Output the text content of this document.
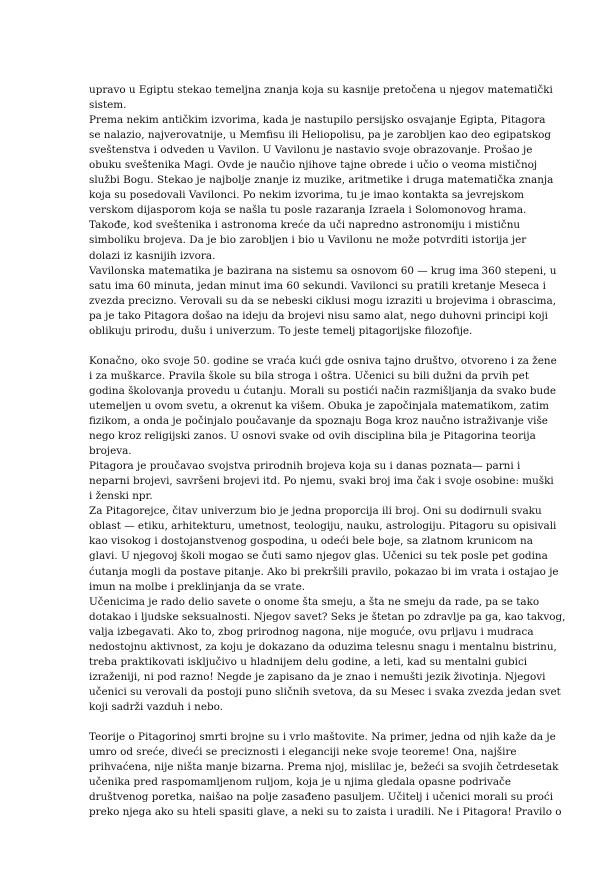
upravo u Egiptu stekao temeljna znanja koja su kasnije pretočena u njegov matematički
sistem.

Prema nekim antičkim izvorima, kada je nastupilo persijsko osvajanje Egipta, Pitagora
se nalazio, najverovatnije, u Memfisu ili Heliopolisu, pa je zarobljen kao deo egipatskog
sveštenstva i odveden u Vavilon. U Vavilonu je nastavio svoje obrazovanje. Prošao je
obuku sveštenika Magi. Ovde je naučio njihove tajne obrede i učio o veoma mističnoj
službi Bogu. Stekao je najbolje znanje iz muzike, aritmetike i druga matematička znanja
koja su posedovali Vavilonci. Po nekim izvorima, tu je imao kontakta sa jevrejskom
verskom dijasporom koja se našla tu posle razaranja Izraela i Solomonovog hrama.
Takođe, kod sveštenika i astronoma kreće da uči napredno astronomiju i mističnu
simboliku brojeva. Da je bio zarobljen i bio u Vavilonu ne može potvrditi istorija jer
dolazi iz kasnijih izvora.

Vavilonska matematika je bazirana na sistemu sa osnovom 60 — krug ima 360 stepeni, u
satu ima 60 minuta, jedan minut ima 60 sekundi. Vavilonci su pratili kretanje Meseca i
zvezda precizno. Verovali su da se nebeski ciklusi mogu izraziti u brojevima i obrascima,
pa je tako Pitagora došao na ideju da brojevi nisu samo alat, nego duhovni principi koji
oblikuju prirodu, dušu i univerzum. To jeste temelj pitagorijske filozofije.

Konačno, oko svoje 50. godine se vraća kući gde osniva tajno društvo, otvoreno i za žene
i za muškarce. Pravila škole su bila stroga i oštra. Učenici su bili dužni da prvih pet
godina školovanja provedu u ćutanju. Morali su postići način razmišljanja da svako bude
utemeljen u ovom svetu, a okrenut ka višem. Obuka je započinjala matematikom, zatim
fizikom, a onda je počinjalo poučavanje da spoznaju Boga kroz naučno istraživanje više
nego kroz religijski zanos. U osnovi svake od ovih disciplina bila je Pitagorina teorija
brojeva.

Pitagora je proučavao svojstva prirodnih brojeva koja su i danas poznata— parni i
neparni brojevi, savršeni brojevi itd. Po njemu, svaki broj ima čak i svoje osobine: muški
i ženski npr.

Za Pitagorejce, čitav univerzum bio je jedna proporcija ili broj. Oni su dodirnuli svaku
oblast — etiku, arhitekturu, umetnost, teologiju, nauku, astrologiju. Pitagoru su opisivali
kao visokog i dostojanstvenog gospodina, u odeći bele boje, sa zlatnom krunicom na
glavi. U njegovoj školi mogao se čuti samo njegov glas. Učenici su tek posle pet godina
ćutanja mogli da postave pitanje. Ako bi prekršili pravilo, pokazao bi im vrata i ostajao je
imun na molbe i preklinjanja da se vrate.

Učenicima je rado delio savete o onome šta smeju, a šta ne smeju da rade, pa se tako
dotakao i ljudske seksualnosti. Njegov savet? Seks je štetan po zdravlje pa ga, kao takvog,
valja izbegavati. Ako to, zbog prirodnog nagona, nije moguće, ovu prljavu i mudraca
nedostojnu aktivnost, za koju je dokazano da oduzima telesnu snagu i mentalnu bistrinu,
treba praktikovati isključivo u hladnijem delu godine, a leti, kad su mentalni gubici
izraženiji, ni pod razno! Negde je zapisano da je znao i nemušti jezik životinja. Njegovi
učenici su verovali da postoji puno sličnih svetova, da su Mesec i svaka zvezda jedan svet
koji sadrži vazduh i nebo.

Teorije o Pitagorinoj smrti brojne su i vrlo maštovite. Na primer, jedna od njih kaže da je
umro od sreće, diveći se preciznosti i eleganciji neke svoje teoreme! Ona, najšire
prihvaćena, nije ništa manje bizarna. Prema njoj, mislilac je, bežeći sa svojih četrdesetak
učenika pred raspomamljenom ruljom, koja je u njima gledala opasne podrivače
društvenog poretka, naišao na polje zasađeno pasuljem. Učitelj i učenici morali su proći
preko njega ako su hteli spasiti glave, a neki su to zaista i uradili. Ne i Pitagora! Pravilo o
